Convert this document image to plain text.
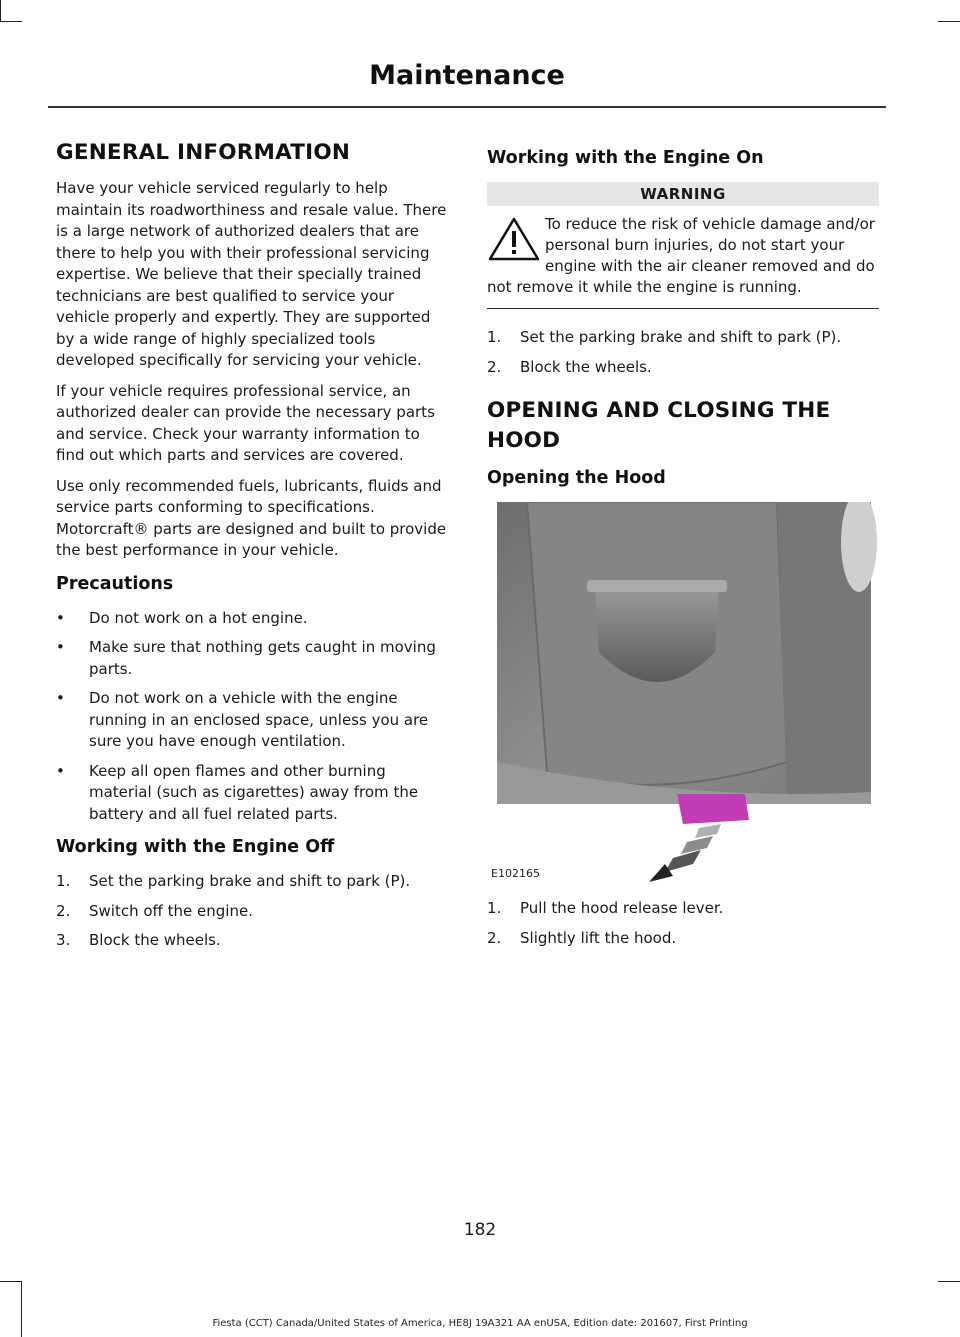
Maintenance
GENERAL INFORMATION

Have your vehicle serviced regularly to help maintain its roadworthiness and resale value. There is a large network of authorized dealers that are there to help you with their professional servicing expertise. We believe that their specially trained technicians are best qualified to service your vehicle properly and expertly. They are supported by a wide range of highly specialized tools developed specifically for servicing your vehicle.

If your vehicle requires professional service, an authorized dealer can provide the necessary parts and service. Check your warranty information to find out which parts and services are covered.

Use only recommended fuels, lubricants, fluids and service parts conforming to specifications. Motorcraft® parts are designed and built to provide the best performance in your vehicle.

Precautions
• Do not work on a hot engine.
• Make sure that nothing gets caught in moving parts.
• Do not work on a vehicle with the engine running in an enclosed space, unless you are sure you have enough ventilation.
• Keep all open flames and other burning material (such as cigarettes) away from the battery and all fuel related parts.
Working with the Engine Off
1. Set the parking brake and shift to park (P).
2. Switch off the engine.
3. Block the wheels.
Working with the Engine On
WARNING
To reduce the risk of vehicle damage and/or personal burn injuries, do not start your engine with the air cleaner removed and do not remove it while the engine is running.
1. Set the parking brake and shift to park (P).
2. Block the wheels.
OPENING AND CLOSING THE
HOOD
Opening the Hood
E102165
1. Pull the hood release lever.
2. Slightly lift the hood.
182
Fiesta (CCT) Canada/United States of America, HE8J 19A321 AA enUSA, Edition date: 201607, First Printing
